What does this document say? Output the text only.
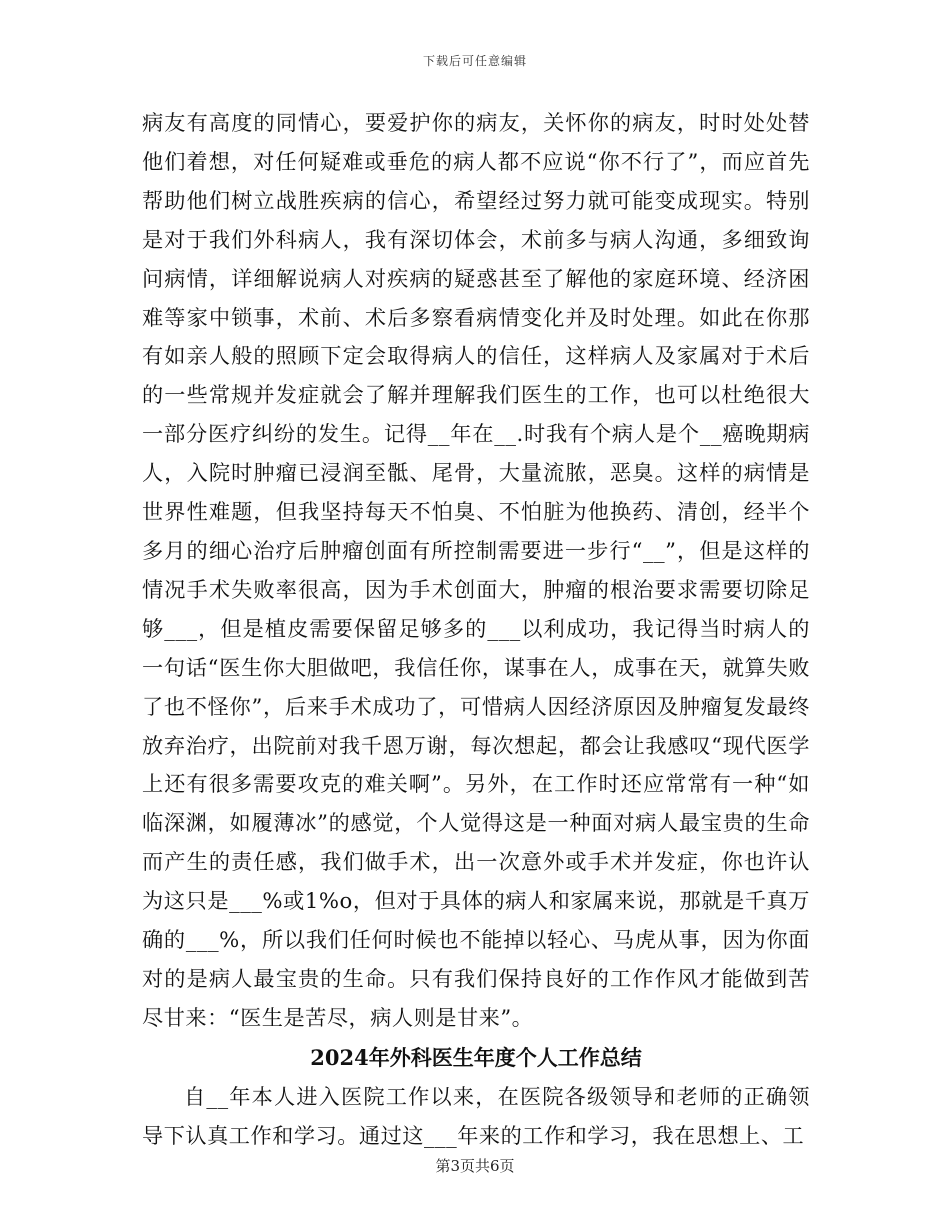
下载后可任意编辑

病友有高度的同情心，要爱护你的病友，关怀你的病友，时时处处替他们着想，对任何疑难或垂危的病人都不应说“你不行了”，而应首先帮助他们树立战胜疾病的信心，希望经过努力就可能变成现实。特别是对于我们外科病人，我有深切体会，术前多与病人沟通，多细致询问病情，详细解说病人对疾病的疑惑甚至了解他的家庭环境、经济困难等家中锁事，术前、术后多察看病情变化并及时处理。如此在你那有如亲人般的照顾下定会取得病人的信任，这样病人及家属对于术后的一些常规并发症就会了解并理解我们医生的工作，也可以杜绝很大一部分医疗纠纷的发生。记得__年在__.时我有个病人是个__癌晚期病人，入院时肿瘤已浸润至骶、尾骨，大量流脓，恶臭。这样的病情是世界性难题，但我坚持每天不怕臭、不怕脏为他换药、清创，经半个多月的细心治疗后肿瘤创面有所控制需要进一步行“__”，但是这样的情况手术失败率很高，因为手术创面大，肿瘤的根治要求需要切除足够___，但是植皮需要保留足够多的___以利成功，我记得当时病人的一句话“医生你大胆做吧，我信任你，谋事在人，成事在天，就算失败了也不怪你”，后来手术成功了，可惜病人因经济原因及肿瘤复发最终放弃治疗，出院前对我千恩万谢，每次想起，都会让我感叹“现代医学上还有很多需要攻克的难关啊”。另外，在工作时还应常常有一种“如临深渊，如履薄冰”的感觉，个人觉得这是一种面对病人最宝贵的生命而产生的责任感，我们做手术，出一次意外或手术并发症，你也许认为这只是___%或1%o，但对于具体的病人和家属来说，那就是千真万确的___%，所以我们任何时候也不能掉以轻心、马虎从事，因为你面对的是病人最宝贵的生命。只有我们保持良好的工作作风才能做到苦尽甘来：“医生是苦尽，病人则是甘来”。

2024年外科医生年度个人工作总结

自__年本人进入医院工作以来，在医院各级领导和老师的正确领导下认真工作和学习。通过这___年来的工作和学习，我在思想上、工

第3页共6页
